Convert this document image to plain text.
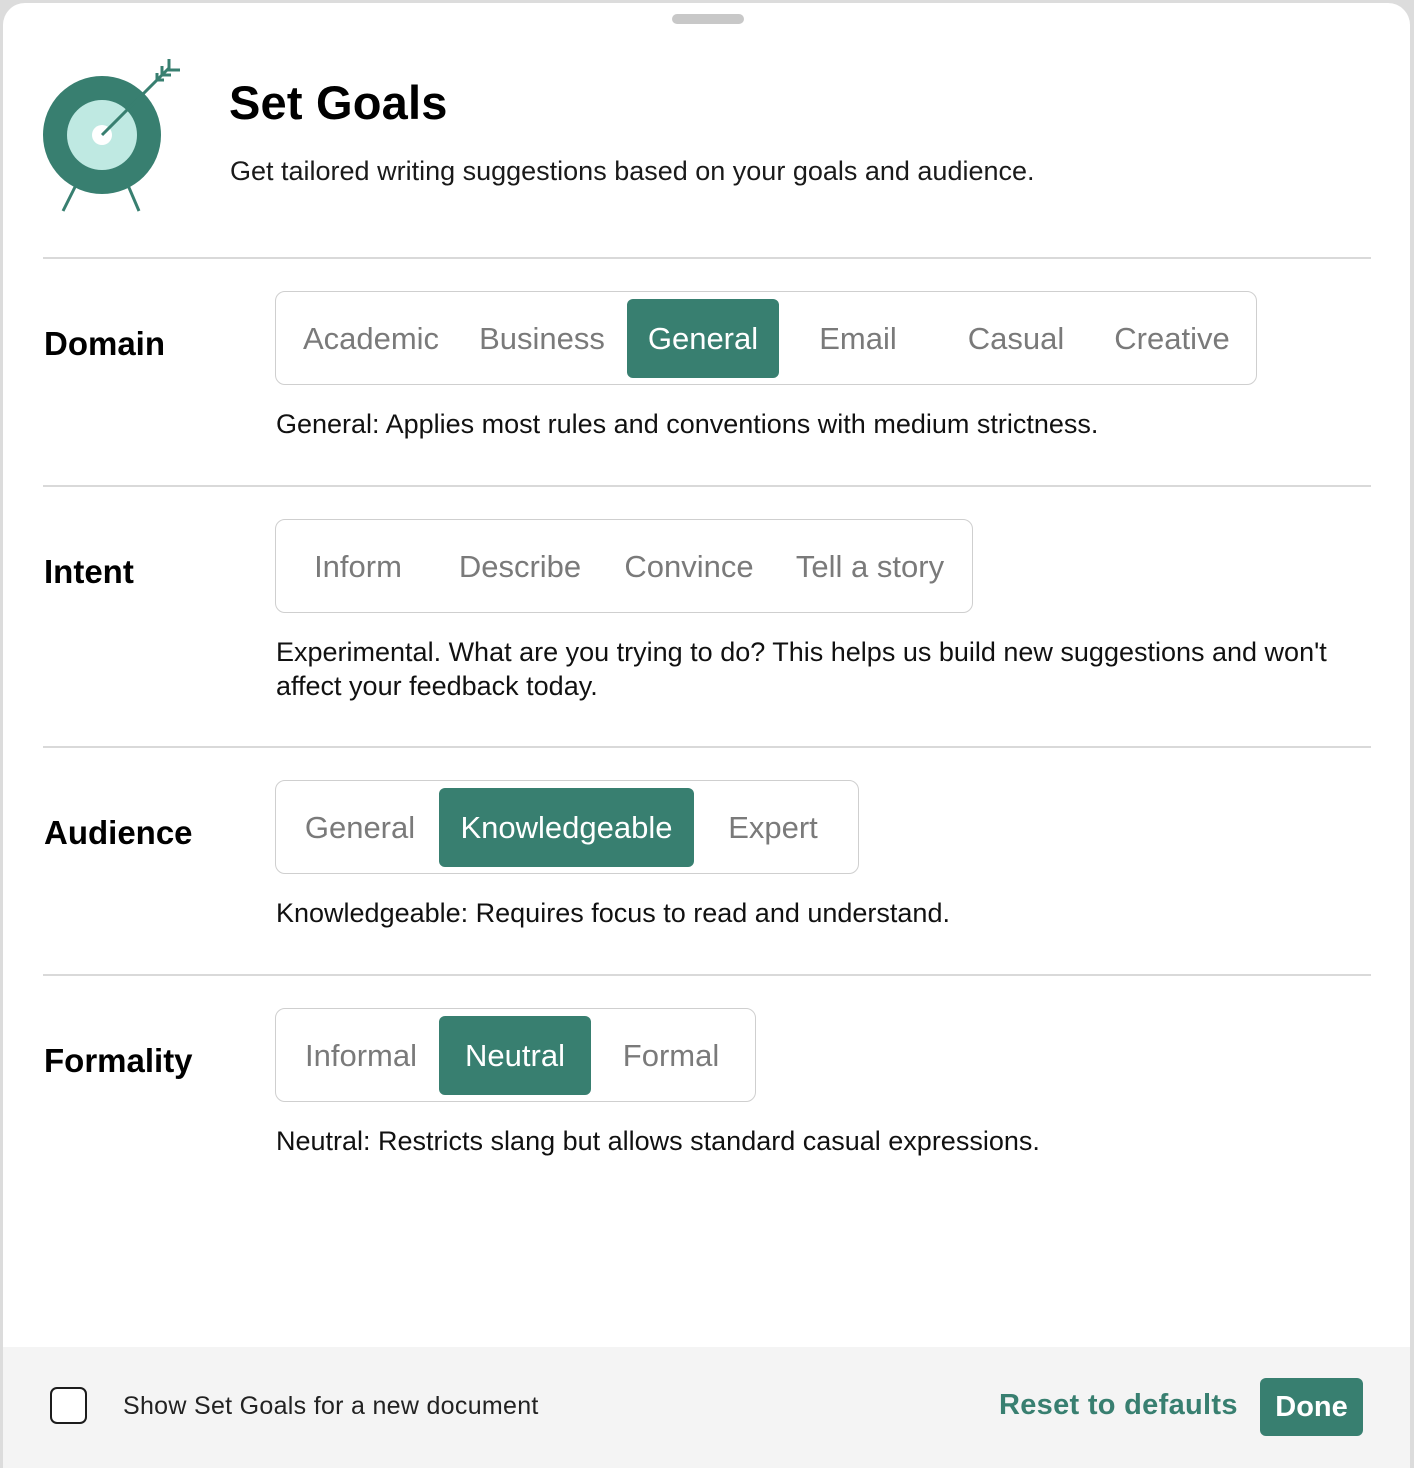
Set Goals
Get tailored writing suggestions based on your goals and audience.
Domain	Academic	Business	General	Email	Casual	Creative
General: Applies most rules and conventions with medium strictness.
Intent	Inform	Describe	Convince	Tell a story
Experimental. What are you trying to do? This helps us build new suggestions and won't affect your feedback today.
Audience	General	Knowledgeable	Expert
Knowledgeable: Requires focus to read and understand.
Formality	Informal	Neutral	Formal
Neutral: Restricts slang but allows standard casual expressions.
Show Set Goals for a new document	Reset to defaults	Done
